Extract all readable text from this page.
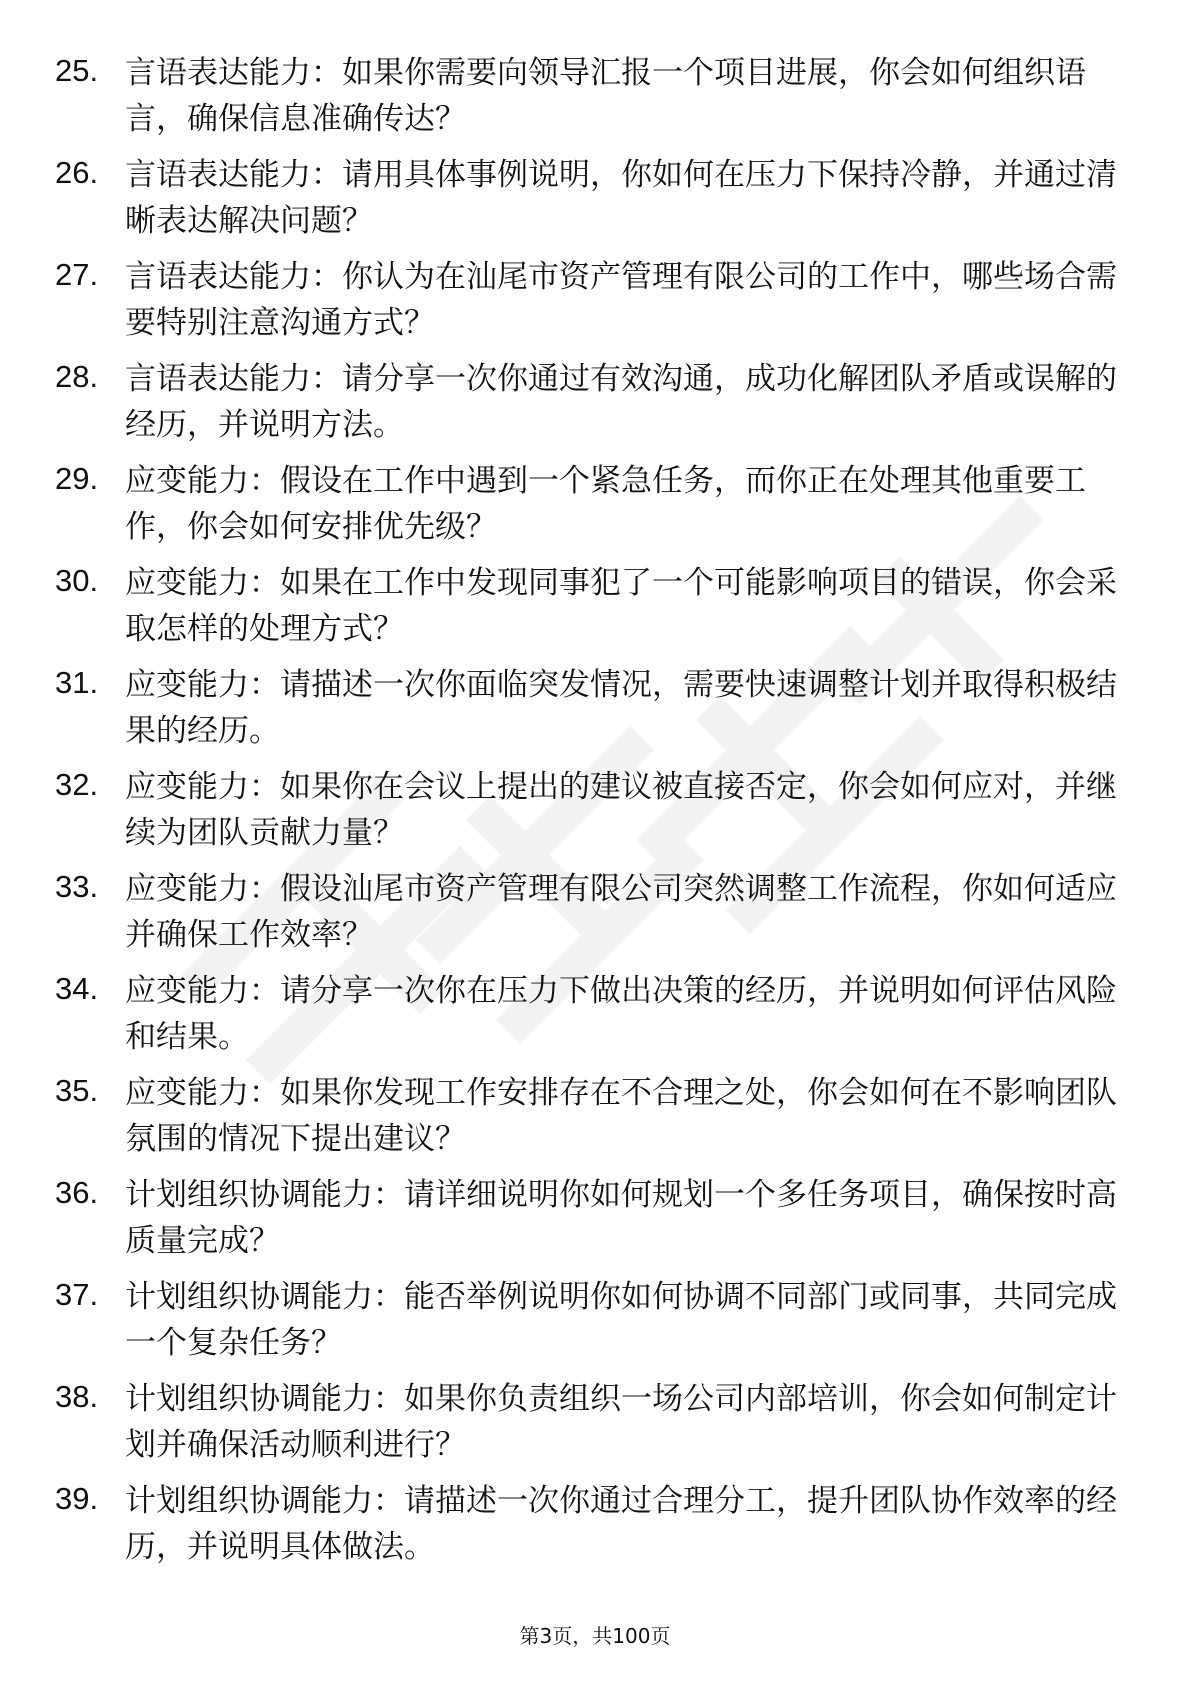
25. 言语表达能力：如果你需要向领导汇报一个项目进展，你会如何组织语言，确保信息准确传达？
26. 言语表达能力：请用具体事例说明，你如何在压力下保持冷静，并通过清晰表达解决问题？
27. 言语表达能力：你认为在汕尾市资产管理有限公司的工作中，哪些场合需要特别注意沟通方式？
28. 言语表达能力：请分享一次你通过有效沟通，成功化解团队矛盾或误解的经历，并说明方法。
29. 应变能力：假设在工作中遇到一个紧急任务，而你正在处理其他重要工作，你会如何安排优先级？
30. 应变能力：如果在工作中发现同事犯了一个可能影响项目的错误，你会采取怎样的处理方式？
31. 应变能力：请描述一次你面临突发情况，需要快速调整计划并取得积极结果的经历。
32. 应变能力：如果你在会议上提出的建议被直接否定，你会如何应对，并继续为团队贡献力量？
33. 应变能力：假设汕尾市资产管理有限公司突然调整工作流程，你如何适应并确保工作效率？
34. 应变能力：请分享一次你在压力下做出决策的经历，并说明如何评估风险和结果。
35. 应变能力：如果你发现工作安排存在不合理之处，你会如何在不影响团队氛围的情况下提出建议？
36. 计划组织协调能力：请详细说明你如何规划一个多任务项目，确保按时高质量完成？
37. 计划组织协调能力：能否举例说明你如何协调不同部门或同事，共同完成一个复杂任务？
38. 计划组织协调能力：如果你负责组织一场公司内部培训，你会如何制定计划并确保活动顺利进行？
39. 计划组织协调能力：请描述一次你通过合理分工，提升团队协作效率的经历，并说明具体做法。
第3页，共100页
